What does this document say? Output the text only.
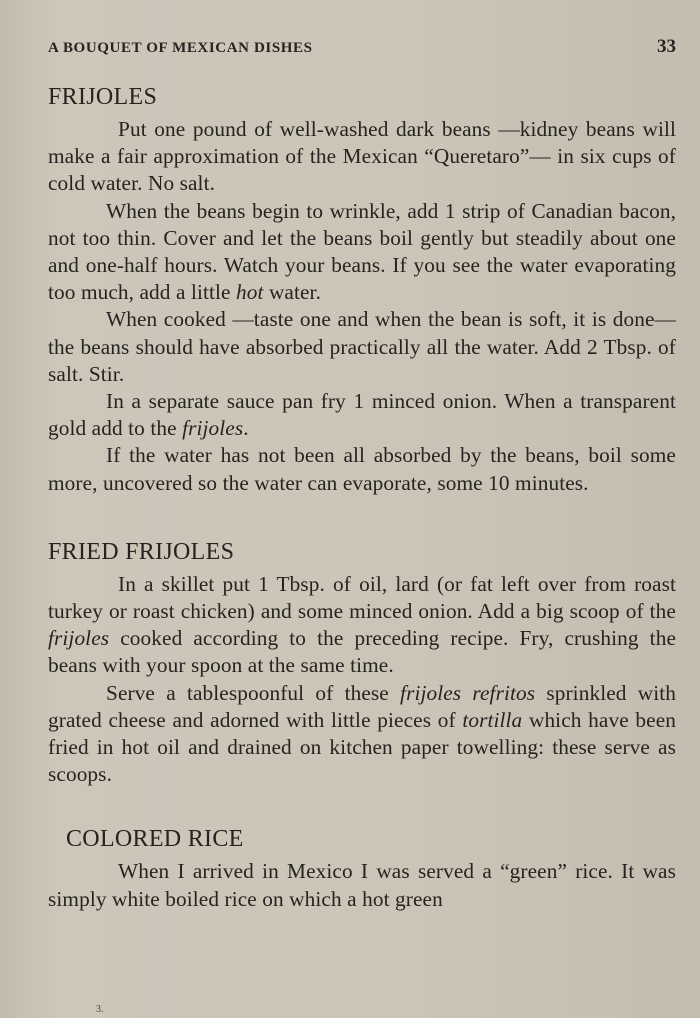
A BOUQUET OF MEXICAN DISHES	33
FRIJOLES

Put one pound of well-washed dark beans —kidney beans will make a fair approximation of the Mexican “Queretaro”— in six cups of cold water. No salt.

When the beans begin to wrinkle, add 1 strip of Canadian bacon, not too thin. Cover and let the beans boil gently but steadily about one and one-half hours. Watch your beans. If you see the water evaporating too much, add a little hot water.

When cooked —taste one and when the bean is soft, it is done— the beans should have absorbed practically all the water. Add 2 Tbsp. of salt. Stir.

In a separate sauce pan fry 1 minced onion. When a transparent gold add to the frijoles.

If the water has not been all absorbed by the beans, boil some more, uncovered so the water can evaporate, some 10 minutes.

FRIED FRIJOLES

In a skillet put 1 Tbsp. of oil, lard (or fat left over from roast turkey or roast chicken) and some minced onion. Add a big scoop of the frijoles cooked according to the preceding recipe. Fry, crushing the beans with your spoon at the same time.

Serve a tablespoonful of these frijoles refritos sprinkled with grated cheese and adorned with little pieces of tortilla which have been fried in hot oil and drained on kitchen paper towelling: these serve as scoops.

COLORED RICE

When I arrived in Mexico I was served a “green” rice. It was simply white boiled rice on which a hot green

3.
